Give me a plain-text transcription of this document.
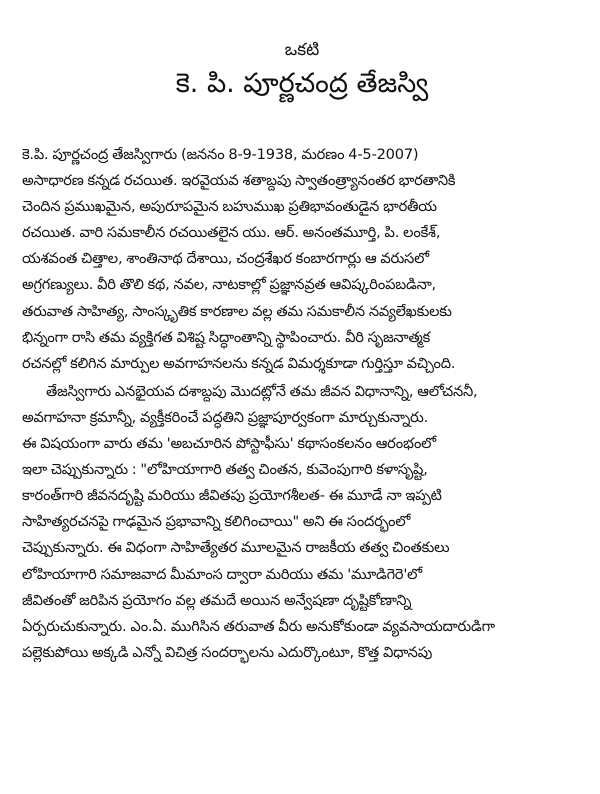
ఒకటి

కె. పి. పూర్ణచంద్ర తేజస్వి
కె.పి. పూర్ణచంద్ర తేజస్విగారు (జననం 8-9-1938, మరణం 4-5-2007)
అసాధారణ కన్నడ రచయిత. ఇరవైయవ శతాబ్దపు స్వాతంత్ర్యానంతర భారతానికి
చెందిన ప్రముఖమైన, అపురూపమైన బహుముఖ ప్రతిభావంతుడైన భారతీయ
రచయిత. వారి సమకాలీన రచయితలైన యు. ఆర్. అనంతమూర్తి, పి. లంకేశ్,
యశవంత చిత్తాల, శాంతినాథ దేశాయి, చంద్రశేఖర కంబారగార్లు ఆ వరుసలో
అగ్రగణ్యులు. వీరి తొలి కథ, నవల, నాటకాల్లో ప్రజ్ఞానవ్రత ఆవిష్కరింపబడినా,
తరువాత సాహిత్య, సాంస్కృతిక కారణాల వల్ల తమ సమకాలీన నవ్యలేఖకులకు
భిన్నంగా రాసి తమ వ్యక్తిగత విశిష్ట సిద్ధాంతాన్ని స్థాపించారు. వీరి సృజనాత్మక
రచనల్లో కలిగిన మార్పుల అవగాహనలను కన్నడ విమర్శకూడా గుర్తిస్తూ వచ్చింది.
తేజస్విగారు ఎనభైయవ దశాబ్దపు మొదట్లోనే తమ జీవన విధానాన్ని, ఆలోచననీ,
అవగాహనా క్రమాన్నీ, వ్యక్తీకరించే పద్ధతిని ప్రజ్ఞాపూర్వకంగా మార్చుకున్నారు.
ఈ విషయంగా వారు తమ 'అబచూరిన పోస్టాఫీసు' కథాసంకలనం ఆరంభంలో
ఇలా చెప్పుకున్నారు : "లోహియాగారి తత్వ చింతన, కువెంపుగారి కళాసృష్టి,
కారంత్‌గారి జీవనదృష్టి మరియు జీవితపు ప్రయోగశీలత- ఈ మూడే నా ఇప్పటి
సాహిత్యరచనపై గాఢమైన ప్రభావాన్ని కలిగించాయి" అని ఈ సందర్భంలో
చెప్పుకున్నారు. ఈ విధంగా సాహిత్యేతర మూలమైన రాజకీయ తత్వ చింతకులు
లోహియాగారి సమాజవాద మీమాంస ద్వారా మరియు తమ 'మూడిగెరె'లో
జీవితంతో జరిపిన ప్రయోగం వల్ల తమదే అయిన అన్వేషణా దృష్టికోణాన్ని
ఏర్పరుచుకున్నారు. ఎం.ఏ. ముగిసిన తరువాత వీరు అనుకోకుండా వ్యవసాయదారుడిగా
పల్లెకుపోయి అక్కడి ఎన్నో విచిత్ర సందర్భాలను ఎదుర్కొంటూ, కొత్త విధానపు
